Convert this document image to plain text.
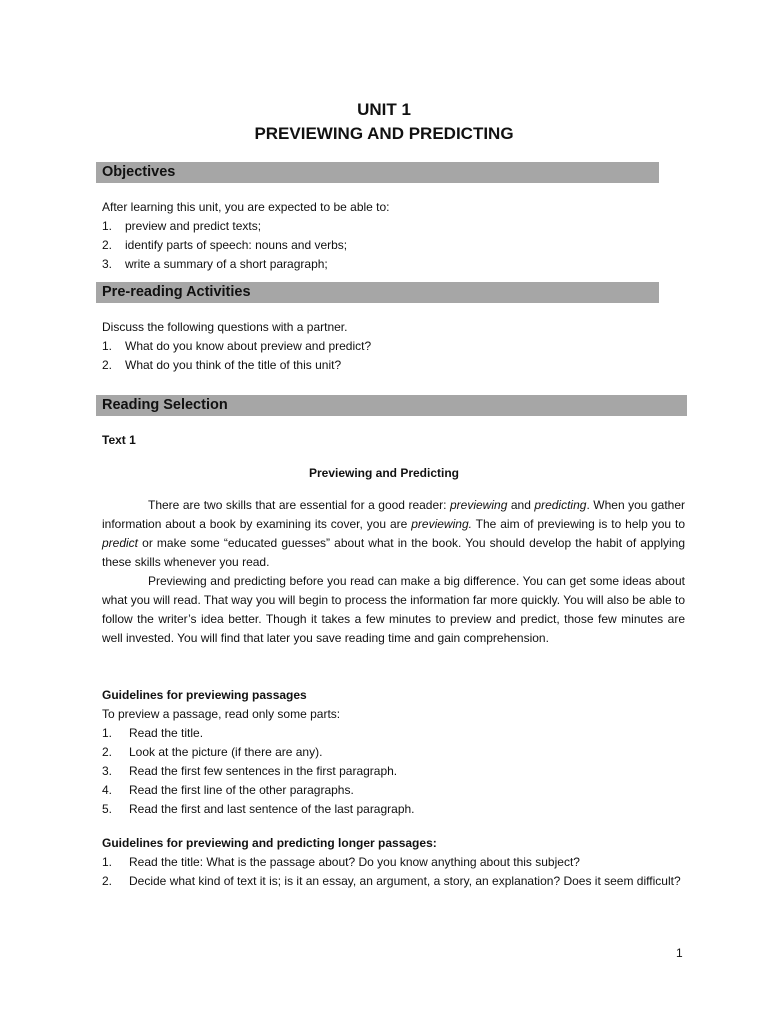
UNIT 1
PREVIEWING AND PREDICTING
Objectives
After learning this unit, you are expected to be able to:
1. preview and predict texts;
2. identify parts of speech: nouns and verbs;
3. write a summary of a short paragraph;
Pre-reading Activities
Discuss the following questions with a partner.
1. What do you know about preview and predict?
2. What do you think of the title of this unit?
Reading Selection
Text 1
Previewing and Predicting

There are two skills that are essential for a good reader: previewing and predicting. When you gather information about a book by examining its cover, you are previewing. The aim of previewing is to help you to predict or make some “educated guesses” about what in the book. You should develop the habit of applying these skills whenever you read.

Previewing and predicting before you read can make a big difference. You can get some ideas about what you will read. That way you will begin to process the information far more quickly. You will also be able to follow the writer’s idea better. Though it takes a few minutes to preview and predict, those few minutes are well invested. You will find that later you save reading time and gain comprehension.

Guidelines for previewing passages
To preview a passage, read only some parts:
1. Read the title.
2. Look at the picture (if there are any).
3. Read the first few sentences in the first paragraph.
4. Read the first line of the other paragraphs.
5. Read the first and last sentence of the last paragraph.
Guidelines for previewing and predicting longer passages:
1. Read the title: What is the passage about? Do you know anything about this subject?
2. Decide what kind of text it is; is it an essay, an argument, a story, an explanation? Does it seem difficult?
1
